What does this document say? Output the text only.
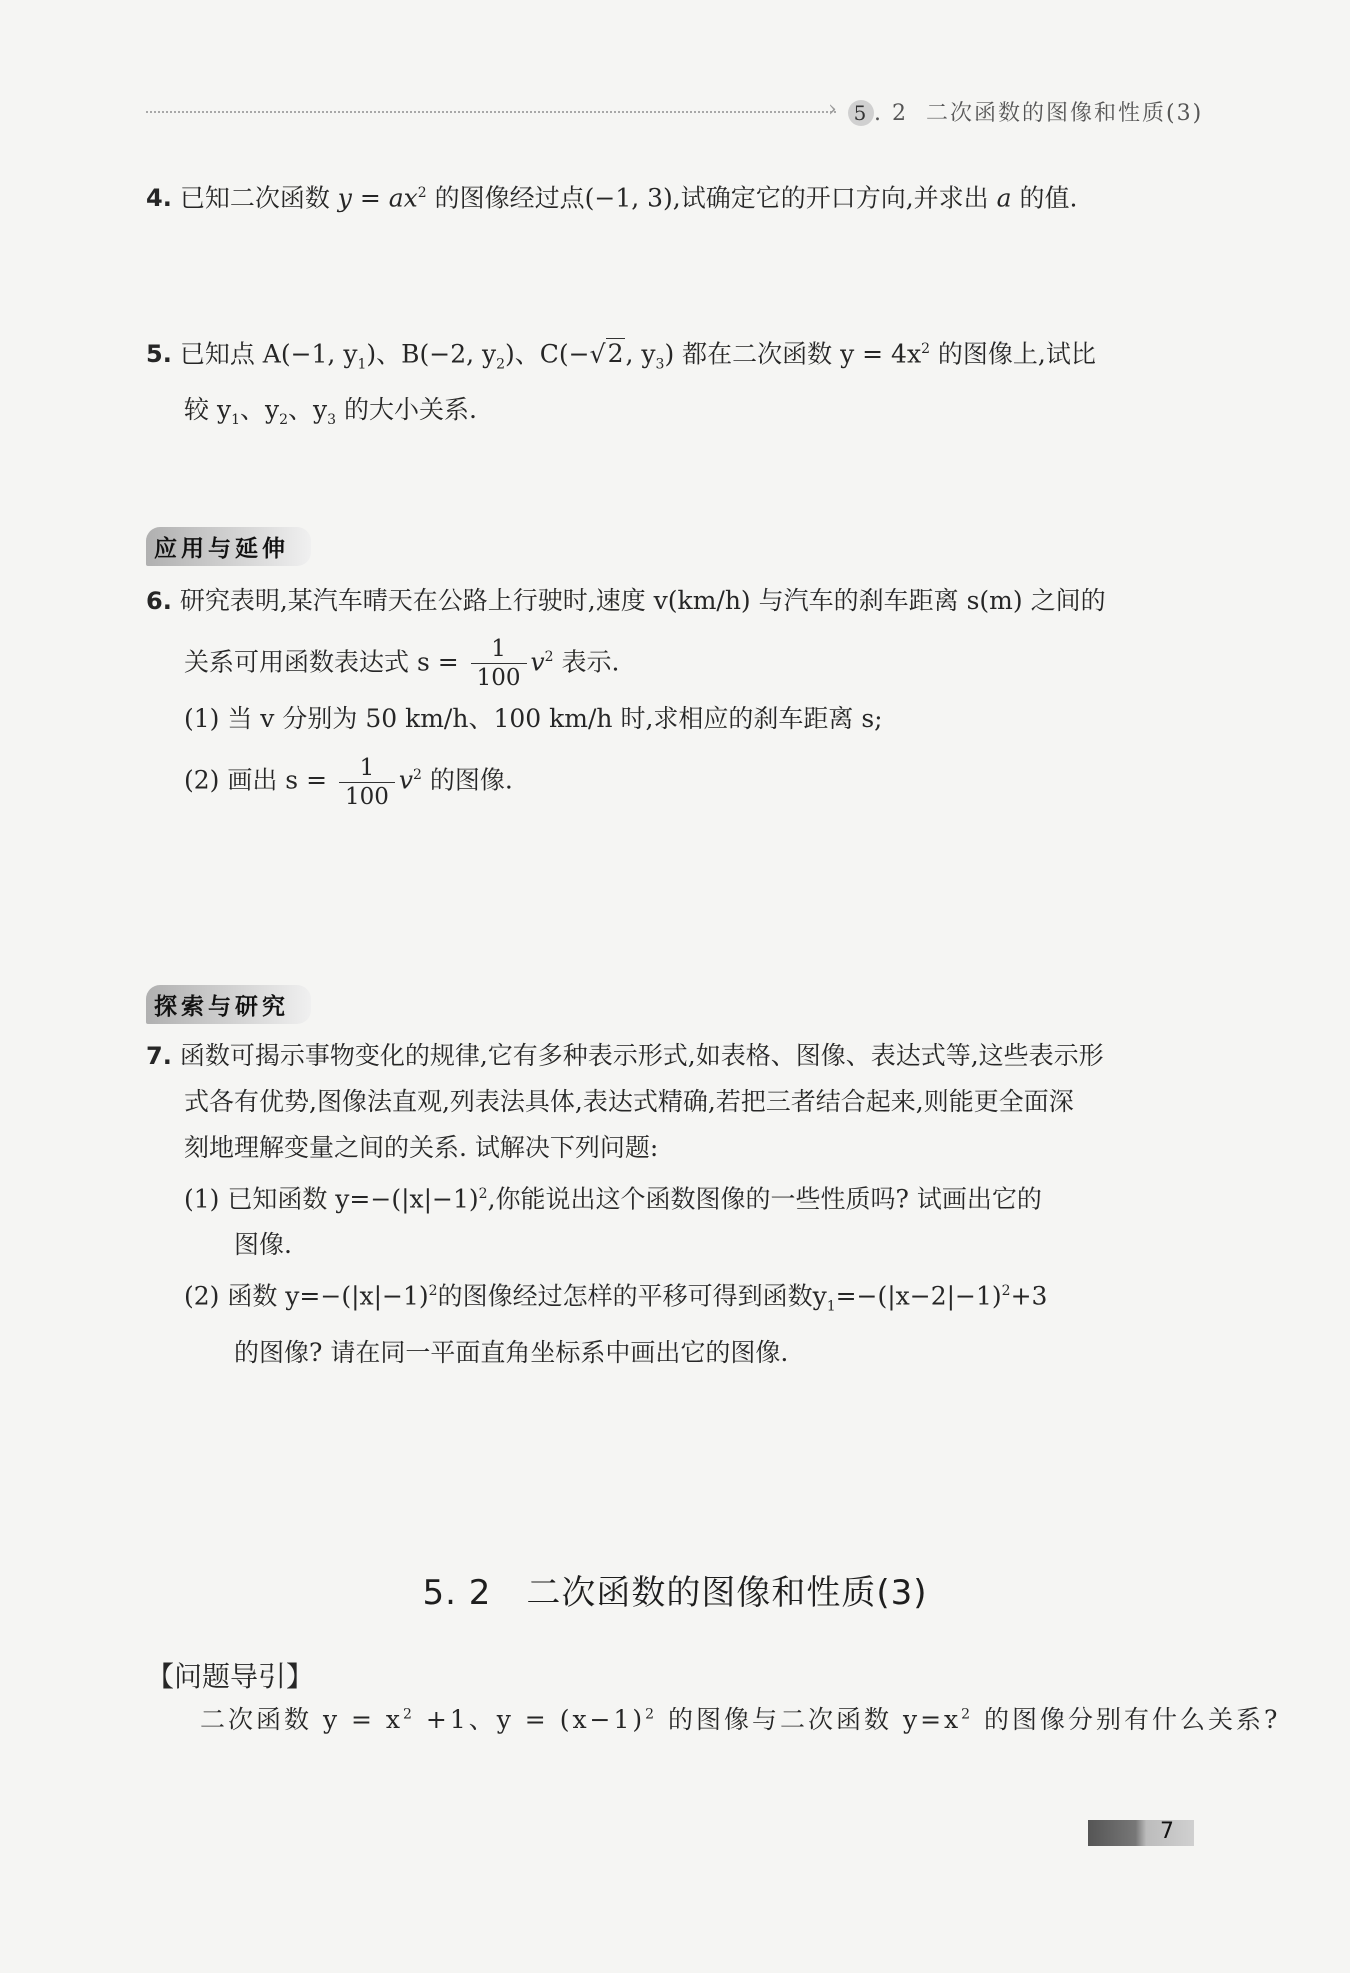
› 5 . 2 二次函数的图像和性质(3)
4. 已知二次函数 $y = ax^2$ 的图像经过点(−1, 3),试确定它的开口方向,并求出 a 的值.
5. 已知点 A(−1, $y_1$)、B(−2, $y_2$)、C(−√2, $y_3$) 都在二次函数 $y = 4x^2$ 的图像上,试比
较 $y_1$、$y_2$、$y_3$ 的大小关系.
应用与延伸
6. 研究表明,某汽车晴天在公路上行驶时,速度 v(km/h) 与汽车的刹车距离 s(m) 之间的
关系可用函数表达式 $s = \frac{1}{100} v^2$ 表示.
(1) 当 v 分别为 50 km/h、100 km/h 时,求相应的刹车距离 s;
(2) 画出 $s = \frac{1}{100} v^2$ 的图像.
探索与研究
7. 函数可揭示事物变化的规律,它有多种表示形式,如表格、图像、表达式等,这些表示形
式各有优势,图像法直观,列表法具体,表达式精确,若把三者结合起来,则能更全面深
刻地理解变量之间的关系. 试解决下列问题:
(1) 已知函数 $y=-(|x|-1)^2$,你能说出这个函数图像的一些性质吗? 试画出它的
图像.
(2) 函数 $y=-(|x|-1)^2$的图像经过怎样的平移可得到函数$y_1=-(|x-2|-1)^2+3$
的图像? 请在同一平面直角坐标系中画出它的图像.
5. 2　二次函数的图像和性质(3)
【问题导引】
二次函数 $y = x^2 +1$、$y = (x-1)^2$ 的图像与二次函数 $y=x^2$ 的图像分别有什么关系?
7
